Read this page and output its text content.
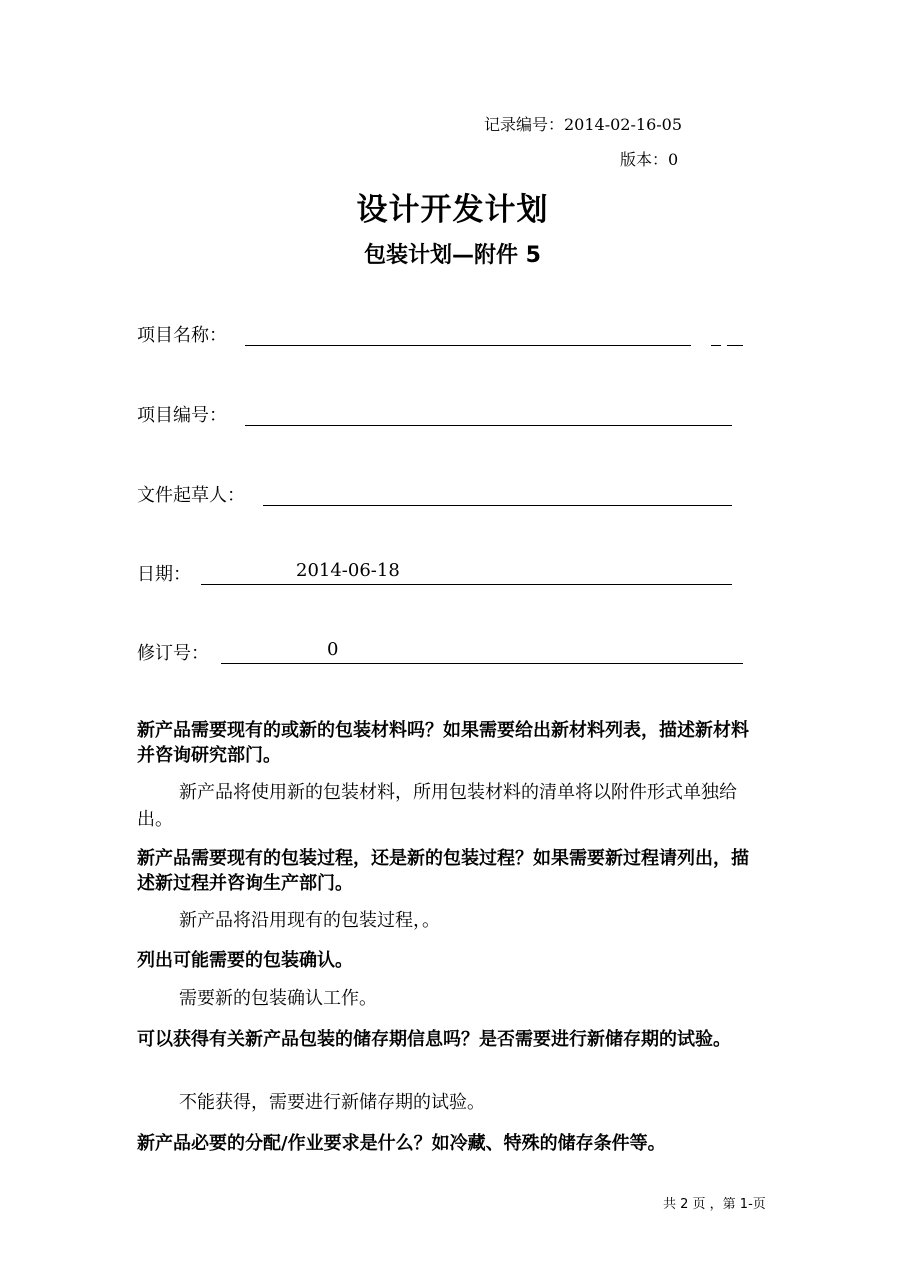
记录编号：2014-02-16-05
版本：0
设计开发计划
包装计划—附件 5
项目名称：
项目编号：
文件起草人：
日期：	2014-06-18
修订号：	0
新产品需要现有的或新的包装材料吗？如果需要给出新材料列表，描述新材料并咨询研究部门。
新产品将使用新的包装材料，所用包装材料的清单将以附件形式单独给出。
新产品需要现有的包装过程，还是新的包装过程？如果需要新过程请列出，描述新过程并咨询生产部门。
新产品将沿用现有的包装过程，。
列出可能需要的包装确认。
需要新的包装确认工作。
可以获得有关新产品包装的储存期信息吗？是否需要进行新储存期的试验。
不能获得，需要进行新储存期的试验。
新产品必要的分配/作业要求是什么？如冷藏、特殊的储存条件等。
共 2 页 ，第 1-页
